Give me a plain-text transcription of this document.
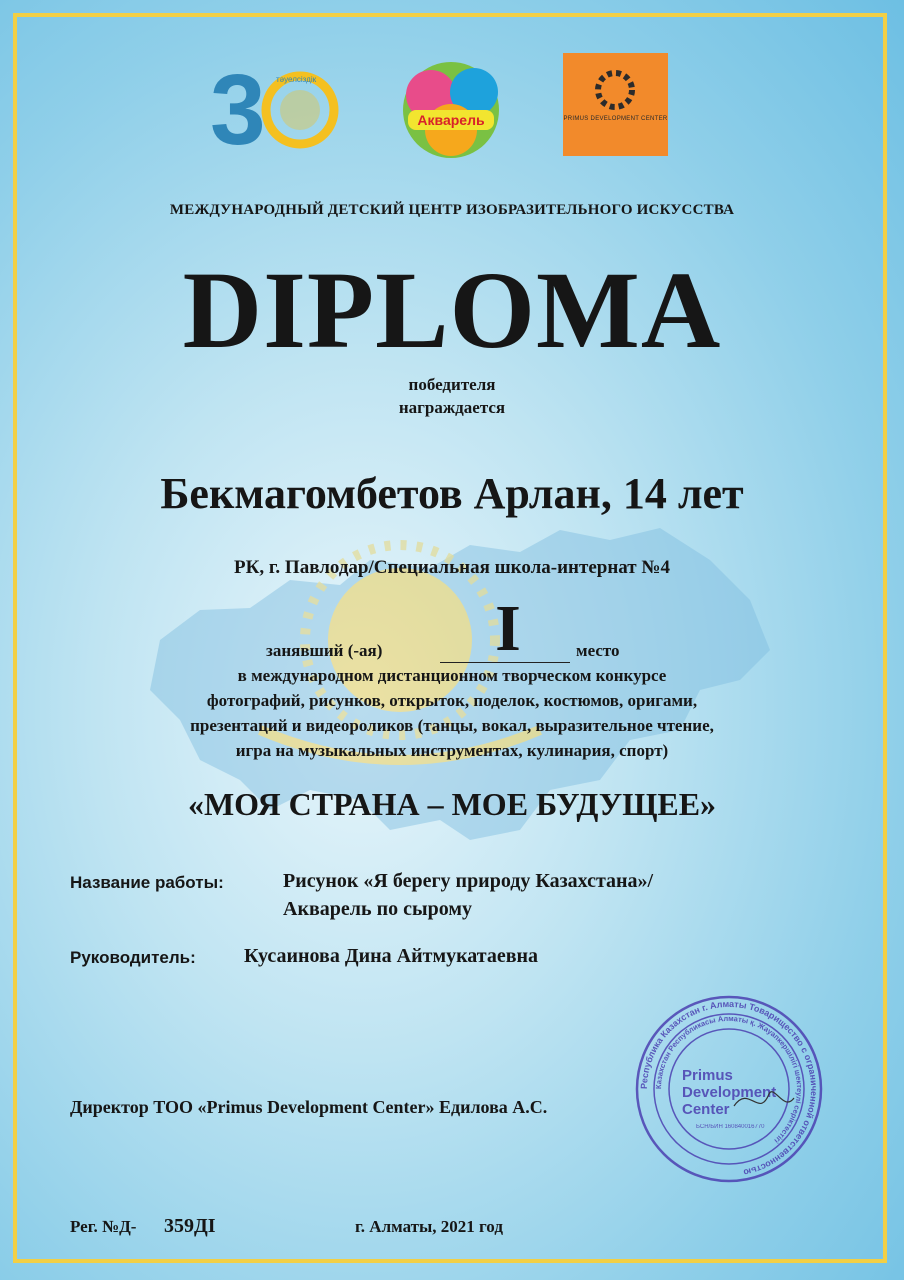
3 тәуелсіздік
Акварель	PRIMUS DEVELOPMENT CENTER
МЕЖДУНАРОДНЫЙ ДЕТСКИЙ ЦЕНТР ИЗОБРАЗИТЕЛЬНОГО ИСКУССТВА
DIPLOMA
победителя
награждается
Бекмагомбетов Арлан, 14 лет
РК, г. Павлодар/Специальная школа-интернат №4
занявший (-ая) I	место
в международном дистанционном творческом конкурсе
фотографий, рисунков, открыток, поделок, костюмов, оригами,
презентаций и видеороликов (танцы, вокал, выразительное чтение,
игра на музыкальных инструментах, кулинария, спорт)
«МОЯ СТРАНА – МОЕ БУДУЩЕЕ»
Название работы:	Рисунок «Я берегу природу Казахстана»/
Акварель по сырому
Руководитель: Кусаинова Дина Айтмукатаевна
Директор ТОО «Primus Development Center» Едилова А.С.
Рег. №Д- 359ДІ	г. Алматы, 2021 год
Республика Казахстан г. Алматы Товарищество с ограниченной ответственностью
Казахстан Республикасы Алматы қ. Жауапкершілігі шектеулі серіктестігі
Primus
Development
Center
БСН/БИН 160840016770
